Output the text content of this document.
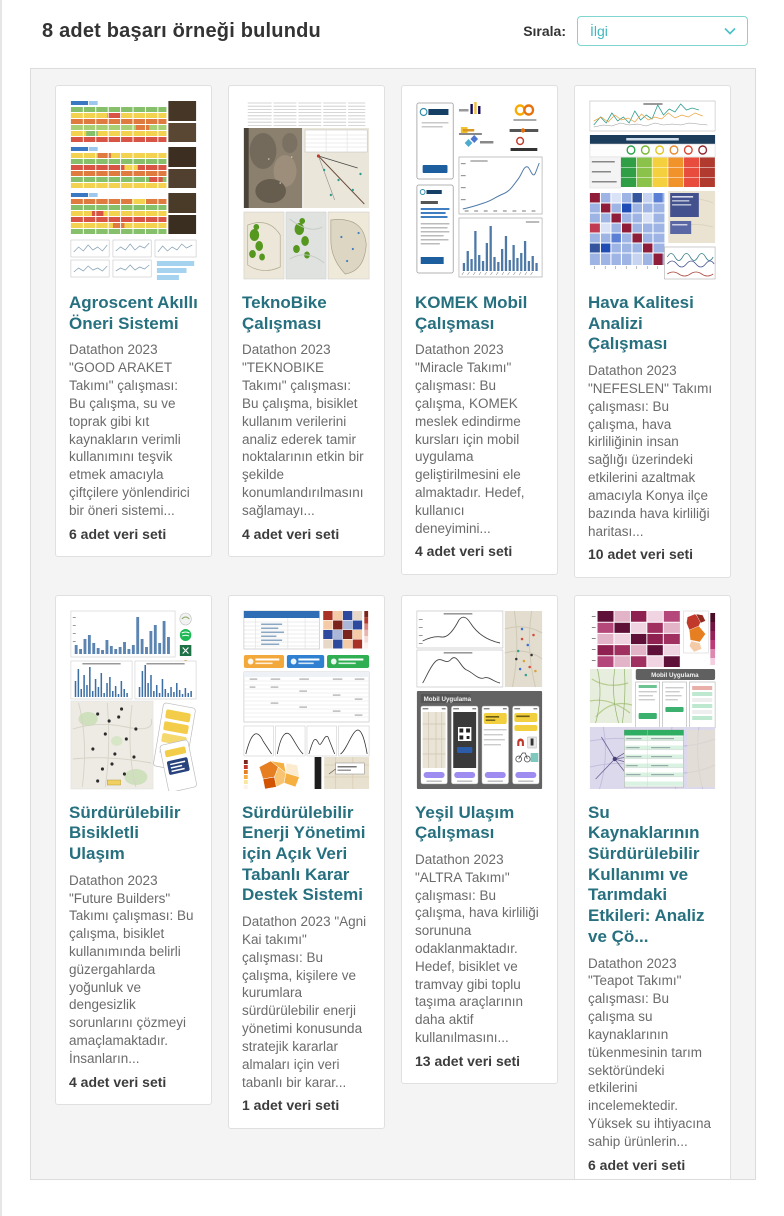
8 adet başarı örneği bulundu	Sırala: İlgi
Agroscent Akıllı Öneri Sistemi

Datathon 2023 "GOOD ARAKET Takımı" çalışması: Bu çalışma, su ve toprak gibi kıt kaynakların verimli kullanımını teşvik etmek amacıyla çiftçilere yönlendirici bir öneri sistemi...

6 adet veri seti
TeknoBike Çalışması

Datathon 2023 "TEKNOBIKE Takımı" çalışması: Bu çalışma, bisiklet kullanım verilerini analiz ederek tamir noktalarının etkin bir şekilde konumlandırılmasını sağlamayı...

4 adet veri seti
KOMEK Mobil Çalışması

Datathon 2023 "Miracle Takımı" çalışması: Bu çalışma, KOMEK meslek edindirme kursları için mobil uygulama geliştirilmesini ele almaktadır. Hedef, kullanıcı deneyimini...

4 adet veri seti
Hava Kalitesi Analizi Çalışması

Datathon 2023 "NEFESLEN" Takımı çalışması: Bu çalışma, hava kirliliğinin insan sağlığı üzerindeki etkilerini azaltmak amacıyla Konya ilçe bazında hava kirliliği haritası...

10 adet veri seti
Sürdürülebilir Bisikletli Ulaşım

Datathon 2023 "Future Builders" Takımı çalışması: Bu çalışma, bisiklet kullanımında belirli güzergahlarda yoğunluk ve dengesizlik sorunlarını çözmeyi amaçlamaktadır. İnsanların...

4 adet veri seti
Sürdürülebilir Enerji Yönetimi için Açık Veri Tabanlı Karar Destek Sistemi

Datathon 2023 "Agni Kai takımı" çalışması: Bu çalışma, kişilere ve kurumlara sürdürülebilir enerji yönetimi konusunda stratejik kararlar almaları için veri tabanlı bir karar...

1 adet veri seti
Mobil Uygulama
Yeşil Ulaşım Çalışması

Datathon 2023 "ALTRA Takımı" çalışması: Bu çalışma, hava kirliliği sorununa odaklanmaktadır. Hedef, bisiklet ve tramvay gibi toplu taşıma araçlarının daha aktif kullanılmasını...

13 adet veri seti
Mobil Uygulama
Su Kaynaklarının Sürdürülebilir Kullanımı ve Tarımdaki Etkileri: Analiz ve Çö...

Datathon 2023 "Teapot Takımı" çalışması: Bu çalışma su kaynaklarının tükenmesinin tarım sektöründeki etkilerini incelemektedir. Yüksek su ihtiyacına sahip ürünlerin...

6 adet veri seti
